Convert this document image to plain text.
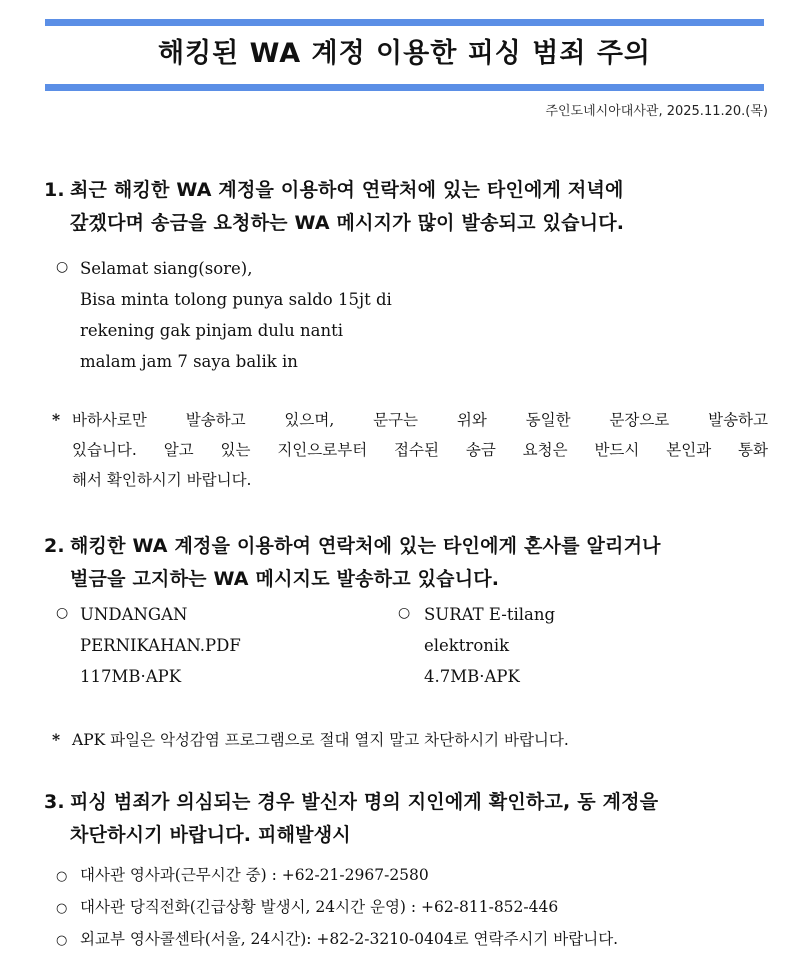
해킹된 WA 계정 이용한 피싱 범죄 주의
주인도네시아대사관, 2025.11.20.(목)
1. 최근 해킹한 WA 계정을 이용하여 연락처에 있는 타인에게 저녁에
갚겠다며 송금을 요청하는 WA 메시지가 많이 발송되고 있습니다.
○ Selamat siang(sore),
Bisa minta tolong punya saldo 15jt di
rekening gak pinjam dulu nanti
malam jam 7 saya balik in
* 바하사로만 발송하고 있으며, 문구는 위와 동일한 문장으로 발송하고
있습니다. 알고 있는 지인으로부터 접수된 송금 요청은 반드시 본인과 통화
해서 확인하시기 바랍니다.
2. 해킹한 WA 계정을 이용하여 연락처에 있는 타인에게 혼사를 알리거나
벌금을 고지하는 WA 메시지도 발송하고 있습니다.
○ UNDANGAN
PERNIKAHAN.PDF
117MB·APK
○ SURAT E-tilang
elektronik
4.7MB·APK
* APK 파일은 악성감염 프로그램으로 절대 열지 말고 차단하시기 바랍니다.
3. 피싱 범죄가 의심되는 경우 발신자 명의 지인에게 확인하고, 동 계정을
차단하시기 바랍니다. 피해발생시
○ 대사관 영사과(근무시간 중) : +62-21-2967-2580
○ 대사관 당직전화(긴급상황 발생시, 24시간 운영) : +62-811-852-446
○ 외교부 영사콜센타(서울, 24시간): +82-2-3210-0404로 연락주시기 바랍니다.
